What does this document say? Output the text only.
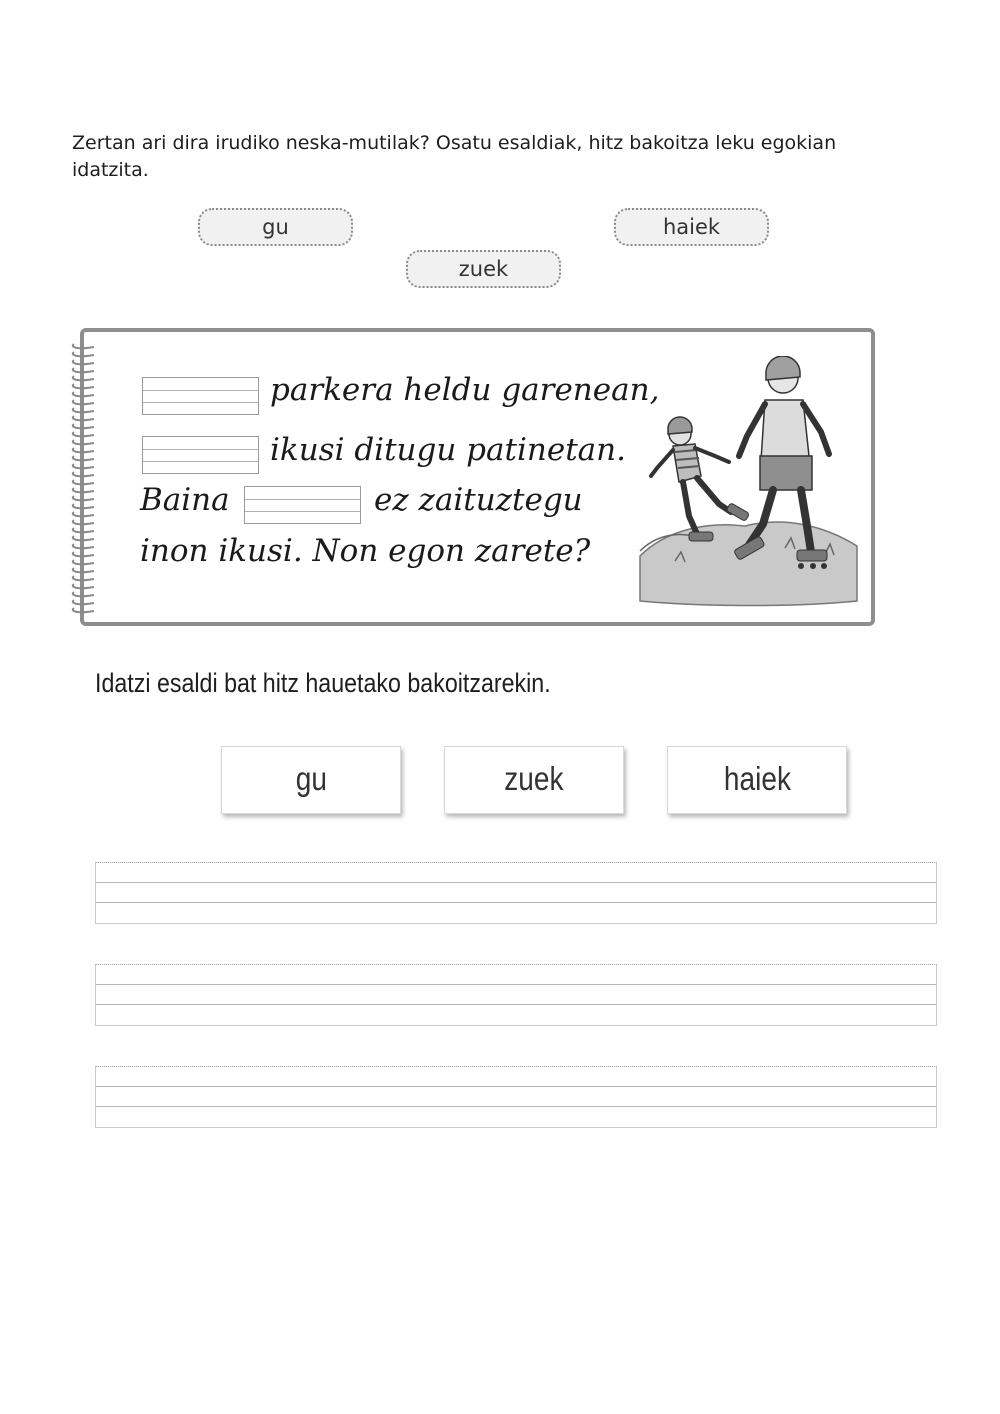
Zertan ari dira irudiko neska-mutilak? Osatu esaldiak, hitz bakoitza leku egokian idatzita.
gu	haiek
zuek
parkera heldu garenean,
ikusi ditugu patinetan.
Baina	ez zaituztegu
inon ikusi. Non egon zarete?
Idatzi esaldi bat hitz hauetako bakoitzarekin.
gu	zuek	haiek
